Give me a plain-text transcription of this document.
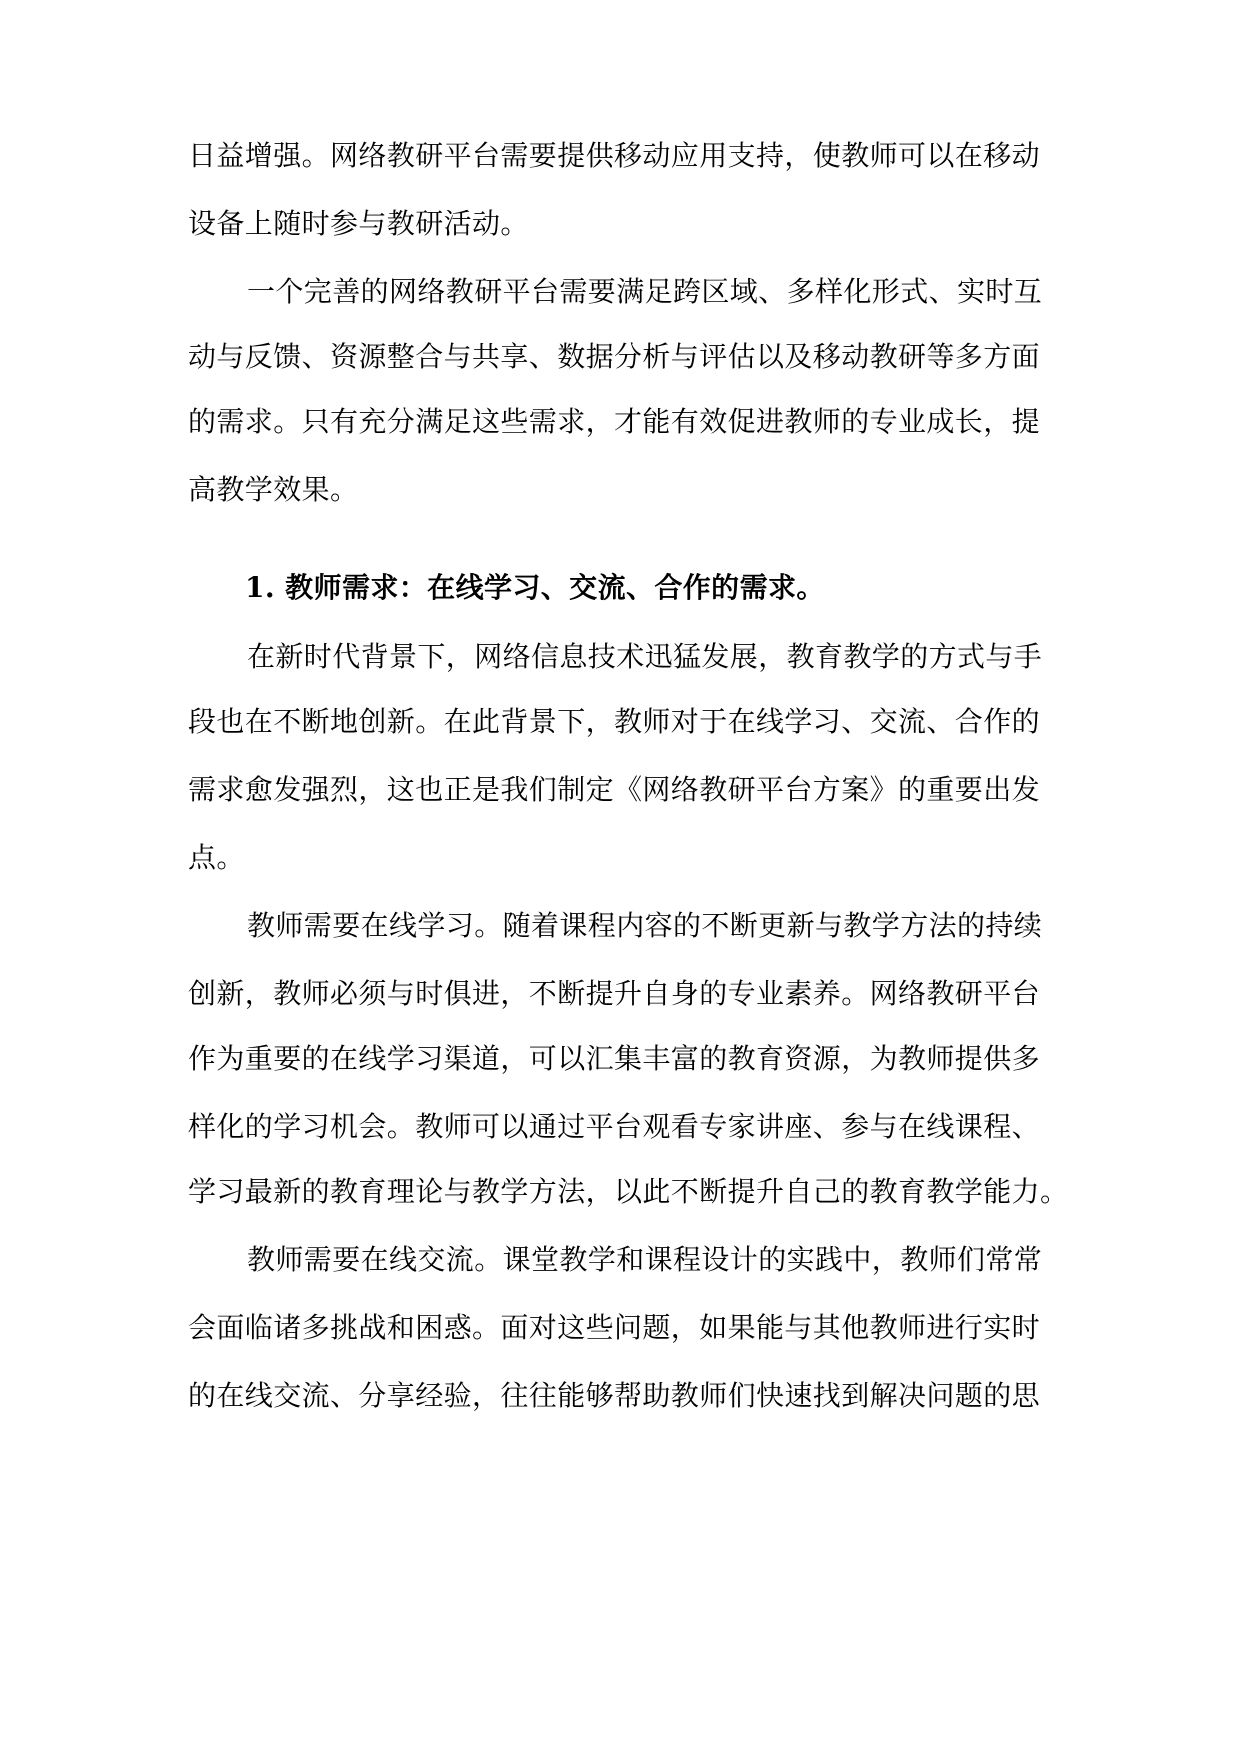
日益增强。网络教研平台需要提供移动应用支持，使教师可以在移动
设备上随时参与教研活动。
一个完善的网络教研平台需要满足跨区域、多样化形式、实时互
动与反馈、资源整合与共享、数据分析与评估以及移动教研等多方面
的需求。只有充分满足这些需求，才能有效促进教师的专业成长，提
高教学效果。
1. 教师需求：在线学习、交流、合作的需求。
在新时代背景下，网络信息技术迅猛发展，教育教学的方式与手
段也在不断地创新。在此背景下，教师对于在线学习、交流、合作的
需求愈发强烈，这也正是我们制定《网络教研平台方案》的重要出发
点。
教师需要在线学习。随着课程内容的不断更新与教学方法的持续
创新，教师必须与时俱进，不断提升自身的专业素养。网络教研平台
作为重要的在线学习渠道，可以汇集丰富的教育资源，为教师提供多
样化的学习机会。教师可以通过平台观看专家讲座、参与在线课程、
学习最新的教育理论与教学方法，以此不断提升自己的教育教学能力。
教师需要在线交流。课堂教学和课程设计的实践中，教师们常常
会面临诸多挑战和困惑。面对这些问题，如果能与其他教师进行实时
的在线交流、分享经验，往往能够帮助教师们快速找到解决问题的思
